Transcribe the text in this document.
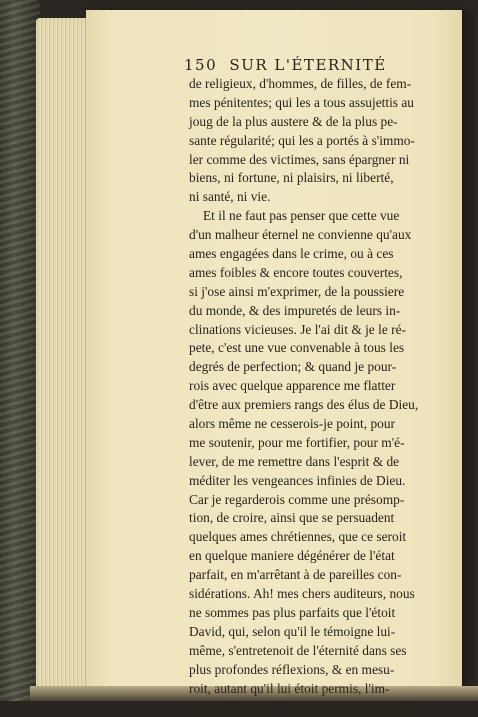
150 SUR L'ÉTERNITÉ
de religieux, d'hommes, de filles, de fem-
mes pénitentes; qui les a tous assujettis au
joug de la plus austere & de la plus pe-
sante régularité; qui les a portés à s'immo-
ler comme des victimes, sans épargner ni
biens, ni fortune, ni plaisirs, ni liberté,
ni santé, ni vie.
Et il ne faut pas penser que cette vue
d'un malheur éternel ne convienne qu'aux
ames engagées dans le crime, ou à ces
ames foibles & encore toutes couvertes,
si j'ose ainsi m'exprimer, de la poussiere
du monde, & des impuretés de leurs in-
clinations vicieuses. Je l'ai dit & je le ré-
pete, c'est une vue convenable à tous les
degrés de perfection; & quand je pour-
rois avec quelque apparence me flatter
d'être aux premiers rangs des élus de Dieu,
alors même ne cesserois-je point, pour
me soutenir, pour me fortifier, pour m'é-
lever, de me remettre dans l'esprit & de
méditer les vengeances infinies de Dieu.
Car je regarderois comme une présomp-
tion, de croire, ainsi que se persuadent
quelques ames chrétiennes, que ce seroit
en quelque maniere dégénérer de l'état
parfait, en m'arrêtant à de pareilles con-
sidérations. Ah! mes chers auditeurs, nous
ne sommes pas plus parfaits que l'étoit
David, qui, selon qu'il le témoigne lui-
même, s'entretenoit de l'éternité dans ses
plus profondes réflexions, & en mesu-
roit, autant qu'il lui étoit permis, l'im-
mense étendue. Cogitavi dies antiquos, &
